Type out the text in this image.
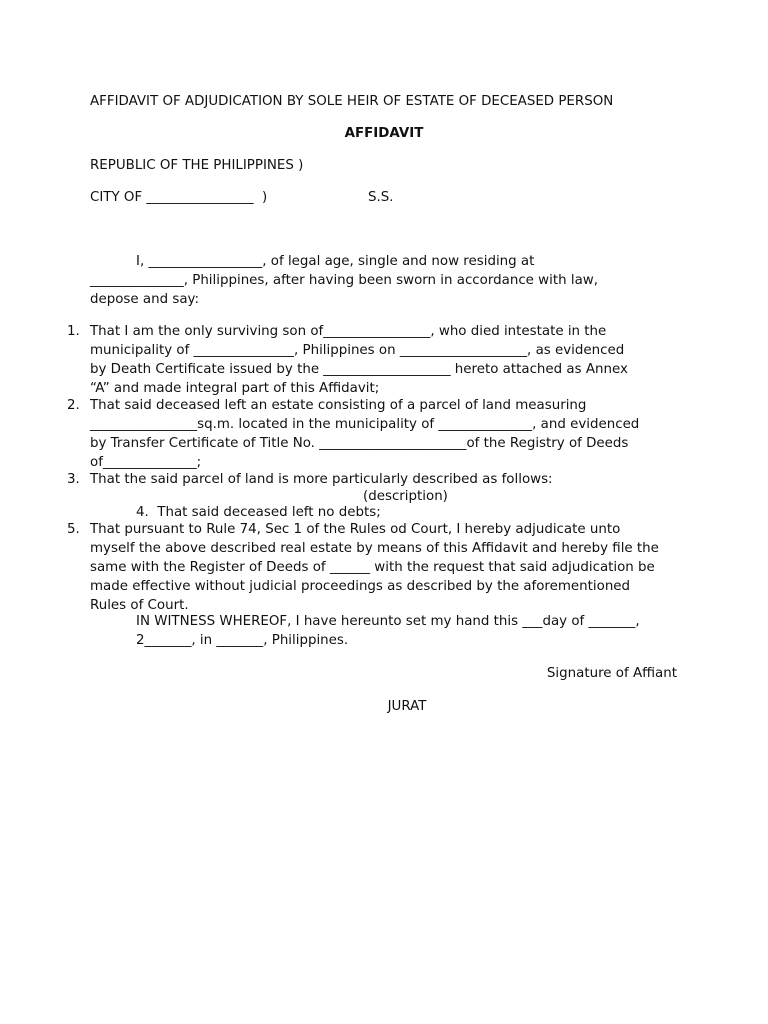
AFFIDAVIT OF ADJUDICATION BY SOLE HEIR OF ESTATE OF DECEASED PERSON
AFFIDAVIT
REPUBLIC OF THE PHILIPPINES )
CITY OF ________________  )	S.S.
I, _________________, of legal age, single and now residing at
______________, Philippines, after having been sworn in accordance with law,
depose and say:
1. That I am the only surviving son of________________, who died intestate in the
municipality of _______________, Philippines on ___________________, as evidenced
by Death Certificate issued by the ___________________ hereto attached as Annex
“A” and made integral part of this Affidavit;
2. That said deceased left an estate consisting of a parcel of land measuring
________________sq.m. located in the municipality of ______________, and evidenced
by Transfer Certificate of Title No. ______________________of the Registry of Deeds
of______________;
3. That the said parcel of land is more particularly described as follows:
(description)
4.  That said deceased left no debts;
5. That pursuant to Rule 74, Sec 1 of the Rules od Court, I hereby adjudicate unto
myself the above described real estate by means of this Affidavit and hereby file the
same with the Register of Deeds of ______ with the request that said adjudication be
made effective without judicial proceedings as described by the aforementioned
Rules of Court.
IN WITNESS WHEREOF, I have hereunto set my hand this ___day of _______,
2_______, in _______, Philippines.
Signature of Affiant
JURAT
